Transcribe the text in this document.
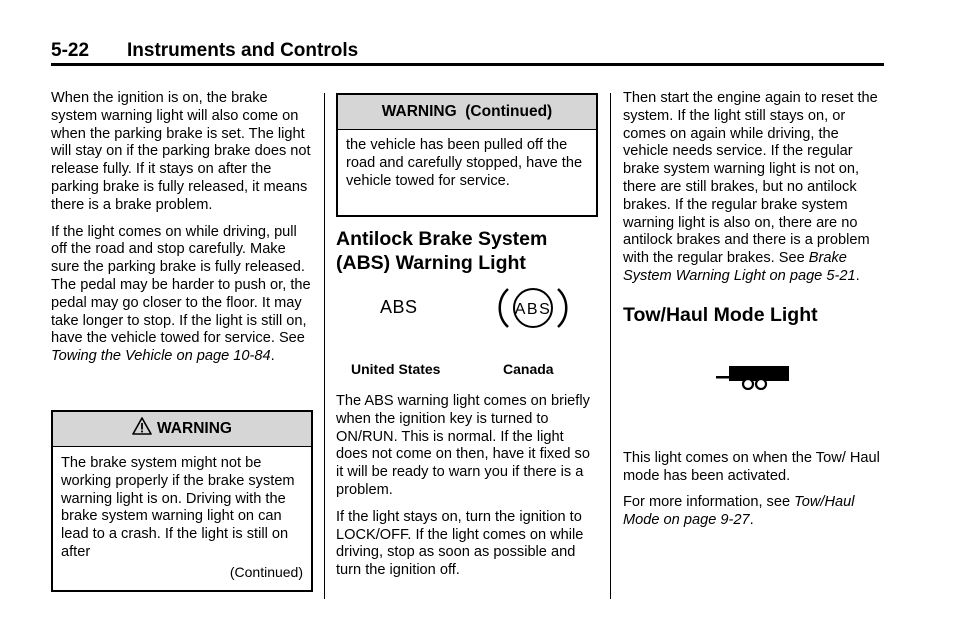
5-22 Instruments and Controls

When the ignition is on, the brake system warning light will also come on when the parking brake is set. The light will stay on if the parking brake does not release fully. If it stays on after the parking brake is fully released, it means there is a brake problem.

If the light comes on while driving, pull off the road and stop carefully. Make sure the parking brake is fully released. The pedal may be harder to push or, the pedal may go closer to the floor. It may take longer to stop. If the light is still on, have the vehicle towed for service. See Towing the Vehicle on page 10-84.

WARNING
The brake system might not be working properly if the brake system warning light is on. Driving with the brake system warning light on can lead to a crash. If the light is still on after
(Continued)
WARNING  (Continued)
the vehicle has been pulled off the road and carefully stopped, have the vehicle towed for service.
Antilock Brake System (ABS) Warning Light
ABS	ABS
United States	Canada

The ABS warning light comes on briefly when the ignition key is turned to ON/RUN. This is normal. If the light does not come on then, have it fixed so it will be ready to warn you if there is a problem.

If the light stays on, turn the ignition to LOCK/OFF. If the light comes on while driving, stop as soon as possible and turn the ignition off.

Then start the engine again to reset the system. If the light still stays on, or comes on again while driving, the vehicle needs service. If the regular brake system warning light is not on, there are still brakes, but no antilock brakes. If the regular brake system warning light is also on, there are no antilock brakes and there is a problem with the regular brakes. See Brake System Warning Light on page 5-21.

Tow/Haul Mode Light

This light comes on when the Tow/ Haul mode has been activated.

For more information, see Tow/Haul Mode on page 9-27.
